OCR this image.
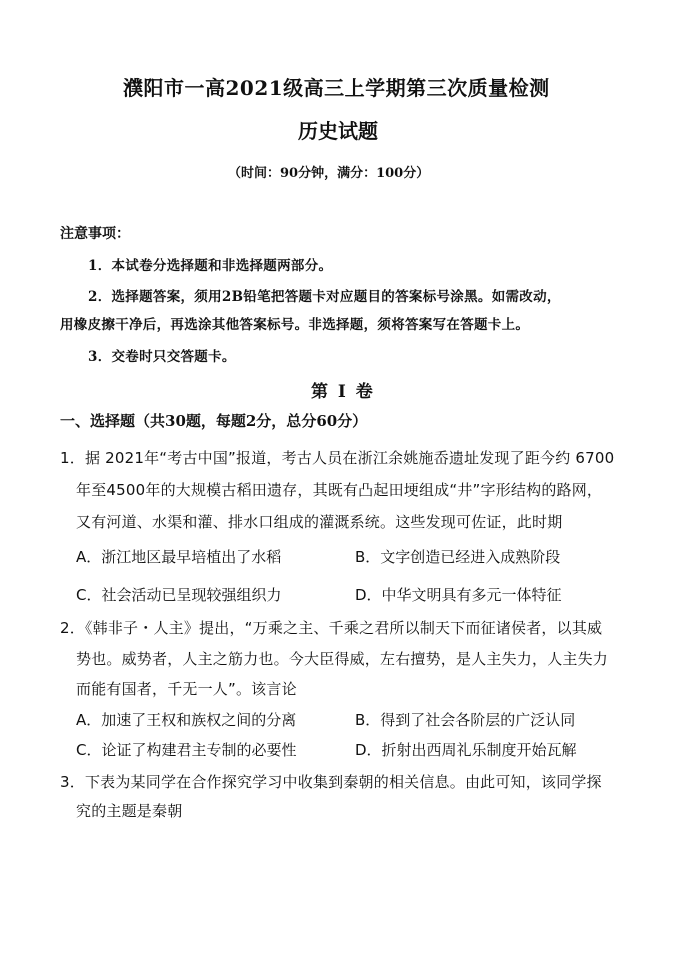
濮阳市一高2021级高三上学期第三次质量检测
历史试题
（时间：90分钟，满分：100分）
注意事项：
1．本试卷分选择题和非选择题两部分。
2．选择题答案，须用2B铅笔把答题卡对应题目的答案标号涂黑。如需改动，
用橡皮擦干净后，再选涂其他答案标号。非选择题，须将答案写在答题卡上。
3．交卷时只交答题卡。
第 Ⅰ 卷
一、选择题（共30题，每题2分，总分60分）
1．据 2021年“考古中国”报道，考古人员在浙江余姚施岙遗址发现了距今约 6700
年至4500年的大规模古稻田遗存，其既有凸起田埂组成“井”字形结构的路网，
又有河道、水渠和灌、排水口组成的灌溉系统。这些发现可佐证，此时期
A．浙江地区最早培植出了水稻	B．文字创造已经进入成熟阶段
C．社会活动已呈现较强组织力	D．中华文明具有多元一体特征
2．《韩非子・人主》提出，“万乘之主、千乘之君所以制天下而征诸侯者，以其威
势也。威势者，人主之筋力也。今大臣得威，左右擅势，是人主失力，人主失力
而能有国者，千无一人”。该言论
A．加速了王权和族权之间的分离	B．得到了社会各阶层的广泛认同
C．论证了构建君主专制的必要性	D．折射出西周礼乐制度开始瓦解
3．下表为某同学在合作探究学习中收集到秦朝的相关信息。由此可知，该同学探
究的主题是秦朝
